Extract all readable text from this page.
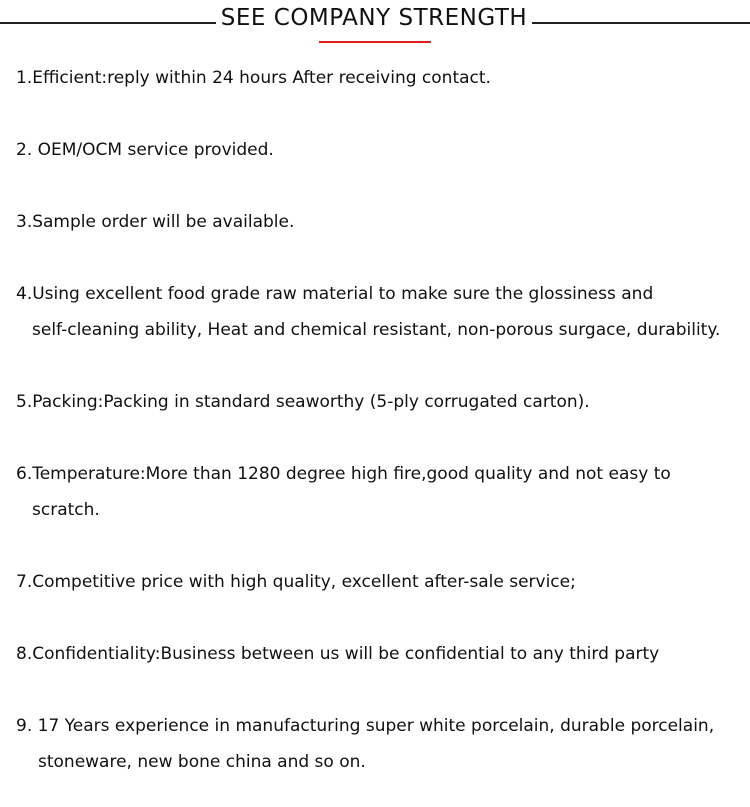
SEE COMPANY STRENGTH
1.Efficient:reply within 24 hours After receiving contact.
2. OEM/OCM service provided.
3.Sample order will be available.
4.Using excellent food grade raw material to make sure the glossiness and
self-cleaning ability, Heat and chemical resistant, non-porous surgace, durability.
5.Packing:Packing in standard seaworthy (5-ply corrugated carton).
6.Temperature:More than 1280 degree high fire,good quality and not easy to
scratch.
7.Competitive price with high quality, excellent after-sale service;
8.Confidentiality:Business between us will be confidential to any third party
9. 17 Years experience in manufacturing super white porcelain, durable porcelain,
stoneware, new bone china and so on.
